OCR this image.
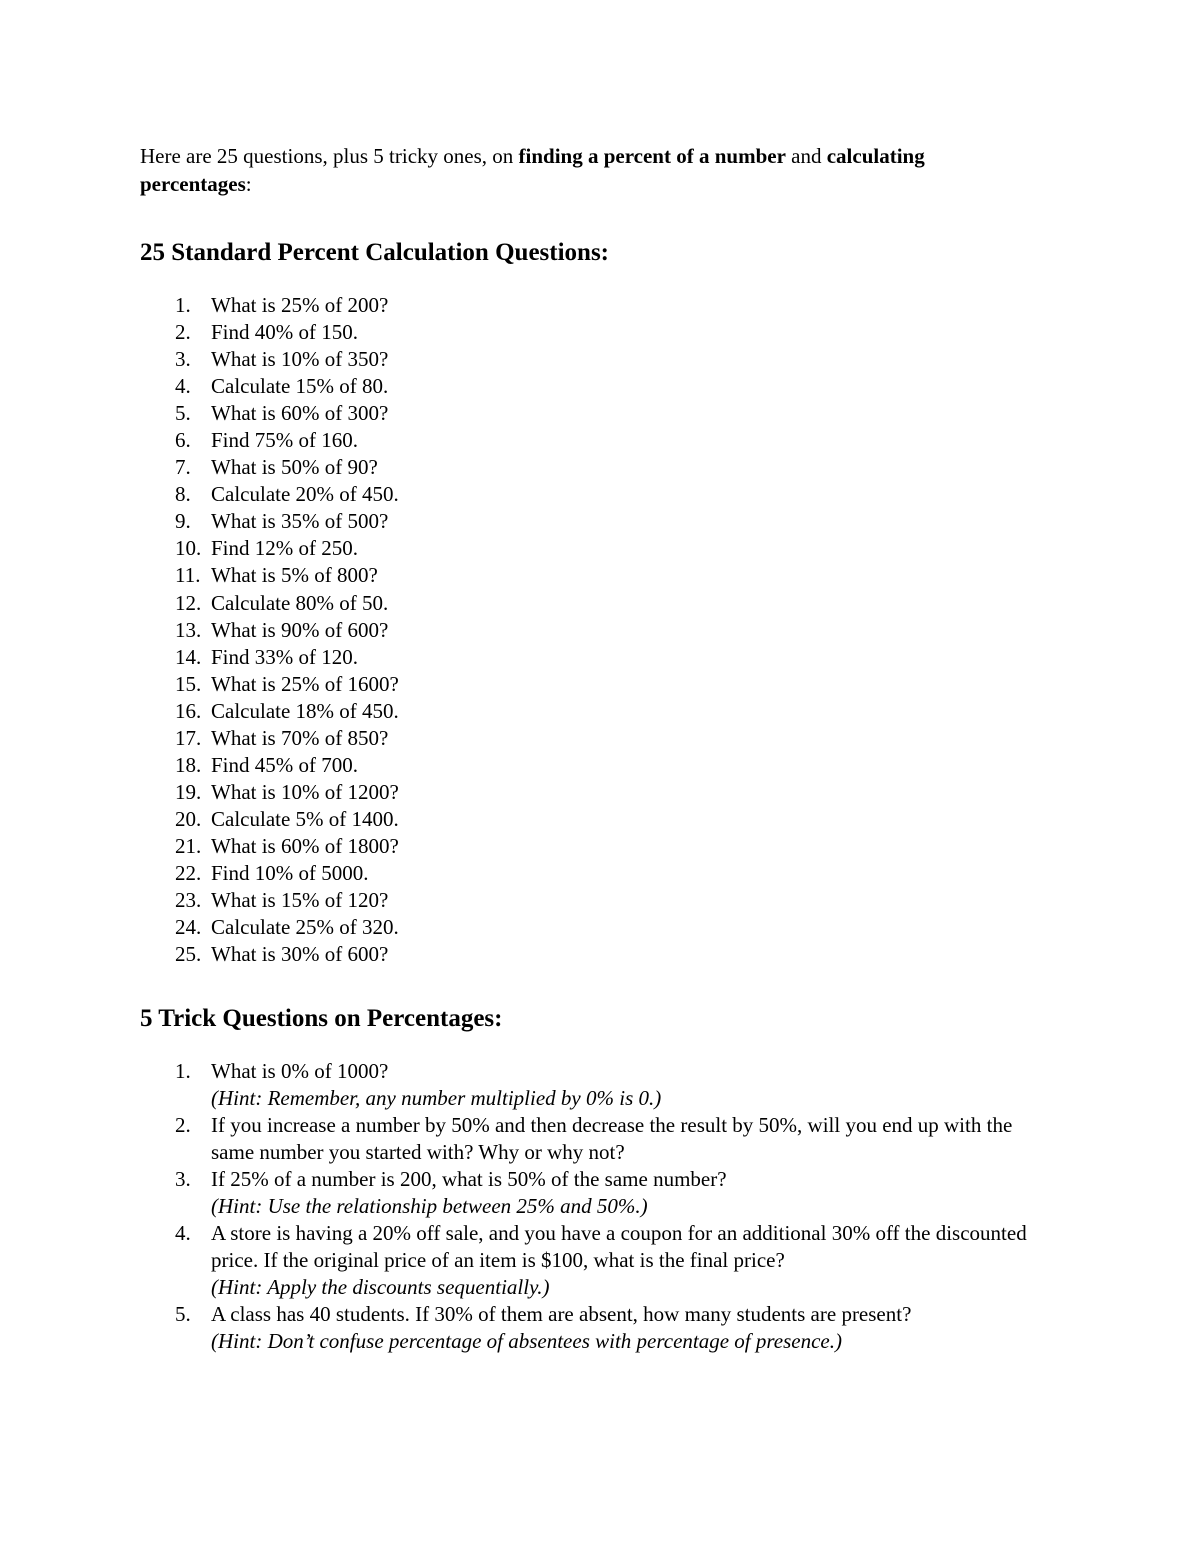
Here are 25 questions, plus 5 tricky ones, on finding a percent of a number and calculating percentages:

25 Standard Percent Calculation Questions:
1. What is 25% of 200?
2. Find 40% of 150.
3. What is 10% of 350?
4. Calculate 15% of 80.
5. What is 60% of 300?
6. Find 75% of 160.
7. What is 50% of 90?
8. Calculate 20% of 450.
9. What is 35% of 500?
10. Find 12% of 250.
11. What is 5% of 800?
12. Calculate 80% of 50.
13. What is 90% of 600?
14. Find 33% of 120.
15. What is 25% of 1600?
16. Calculate 18% of 450.
17. What is 70% of 850?
18. Find 45% of 700.
19. What is 10% of 1200?
20. Calculate 5% of 1400.
21. What is 60% of 1800?
22. Find 10% of 5000.
23. What is 15% of 120?
24. Calculate 25% of 320.
25. What is 30% of 600?
5 Trick Questions on Percentages:
1. What is 0% of 1000?
(Hint: Remember, any number multiplied by 0% is 0.)
2. If you increase a number by 50% and then decrease the result by 50%, will you end up with the same number you started with? Why or why not?
3. If 25% of a number is 200, what is 50% of the same number?
(Hint: Use the relationship between 25% and 50%.)
4. A store is having a 20% off sale, and you have a coupon for an additional 30% off the discounted price. If the original price of an item is $100, what is the final price?
(Hint: Apply the discounts sequentially.)
5. A class has 40 students. If 30% of them are absent, how many students are present?
(Hint: Don’t confuse percentage of absentees with percentage of presence.)
